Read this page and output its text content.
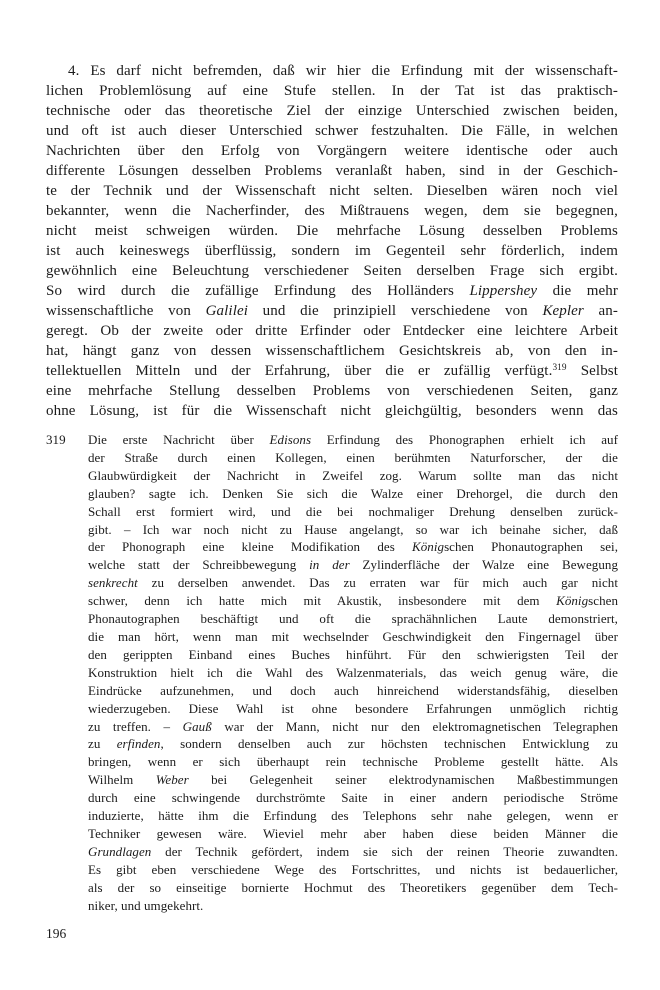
4. Es darf nicht befremden, daß wir hier die Erfindung mit der wissenschaft-
lichen Problemlösung auf eine Stufe stellen. In der Tat ist das praktisch-
technische oder das theoretische Ziel der einzige Unterschied zwischen beiden,
und oft ist auch dieser Unterschied schwer festzuhalten. Die Fälle, in welchen
Nachrichten über den Erfolg von Vorgängern weitere identische oder auch
differente Lösungen desselben Problems veranlaßt haben, sind in der Geschich-
te der Technik und der Wissenschaft nicht selten. Dieselben wären noch viel
bekannter, wenn die Nacherfinder, des Mißtrauens wegen, dem sie begegnen,
nicht meist schweigen würden. Die mehrfache Lösung desselben Problems
ist auch keineswegs überflüssig, sondern im Gegenteil sehr förderlich, indem
gewöhnlich eine Beleuchtung verschiedener Seiten derselben Frage sich ergibt.
So wird durch die zufällige Erfindung des Holländers Lippershey die mehr
wissenschaftliche von Galilei und die prinzipiell verschiedene von Kepler an-
geregt. Ob der zweite oder dritte Erfinder oder Entdecker eine leichtere Arbeit
hat, hängt ganz von dessen wissenschaftlichem Gesichtskreis ab, von den in-
tellektuellen Mitteln und der Erfahrung, über die er zufällig verfügt.$^{319}$ Selbst
eine mehrfache Stellung desselben Problems von verschiedenen Seiten, ganz
ohne Lösung, ist für die Wissenschaft nicht gleichgültig, besonders wenn das
319 Die erste Nachricht über Edisons Erfindung des Phonographen erhielt ich auf
der Straße durch einen Kollegen, einen berühmten Naturforscher, der die
Glaubwürdigkeit der Nachricht in Zweifel zog. Warum sollte man das nicht
glauben? sagte ich. Denken Sie sich die Walze einer Drehorgel, die durch den
Schall erst formiert wird, und die bei nochmaliger Drehung denselben zurück-
gibt. – Ich war noch nicht zu Hause angelangt, so war ich beinahe sicher, daß
der Phonograph eine kleine Modifikation des Königschen Phonautographen sei,
welche statt der Schreibbewegung in der Zylinderfläche der Walze eine Bewegung
senkrecht zu derselben anwendet. Das zu erraten war für mich auch gar nicht
schwer, denn ich hatte mich mit Akustik, insbesondere mit dem Königschen
Phonautographen beschäftigt und oft die sprachähnlichen Laute demonstriert,
die man hört, wenn man mit wechselnder Geschwindigkeit den Fingernagel über
den gerippten Einband eines Buches hinführt. Für den schwierigsten Teil der
Konstruktion hielt ich die Wahl des Walzenmaterials, das weich genug wäre, die
Eindrücke aufzunehmen, und doch auch hinreichend widerstandsfähig, dieselben
wiederzugeben. Diese Wahl ist ohne besondere Erfahrungen unmöglich richtig
zu treffen. – Gauß war der Mann, nicht nur den elektromagnetischen Telegraphen
zu erfinden, sondern denselben auch zur höchsten technischen Entwicklung zu
bringen, wenn er sich überhaupt rein technische Probleme gestellt hätte. Als
Wilhelm Weber bei Gelegenheit seiner elektrodynamischen Maßbestimmungen
durch eine schwingende durchströmte Saite in einer andern periodische Ströme
induzierte, hätte ihm die Erfindung des Telephons sehr nahe gelegen, wenn er
Techniker gewesen wäre. Wieviel mehr aber haben diese beiden Männer die
Grundlagen der Technik gefördert, indem sie sich der reinen Theorie zuwandten.
Es gibt eben verschiedene Wege des Fortschrittes, und nichts ist bedauerlicher,
als der so einseitige bornierte Hochmut des Theoretikers gegenüber dem Tech-
niker, und umgekehrt.
196
